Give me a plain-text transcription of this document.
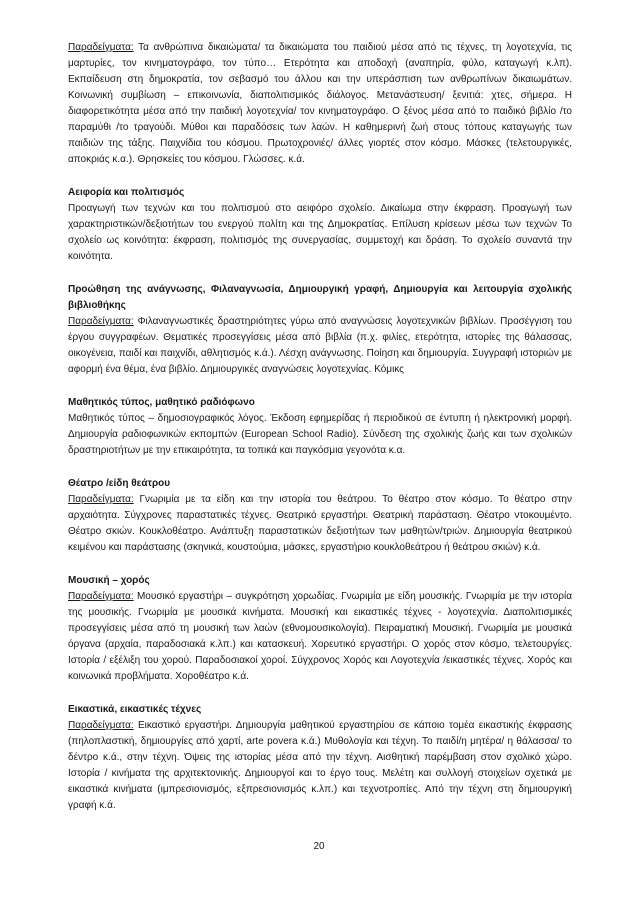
Παραδείγματα: Τα ανθρώπινα δικαιώματα/ τα δικαιώματα του παιδιού μέσα από τις τέχνες, τη λογοτεχνία, τις μαρτυρίες, τον κινηματογράφο, τον τύπο… Ετερότητα και αποδοχή (αναπηρία, φύλο, καταγωγή κ.λπ). Εκπαίδευση στη δημοκρατία, τον σεβασμό του άλλου και την υπεράσπιση των ανθρωπίνων δικαιωμάτων. Κοινωνική συμβίωση – επικοινωνία, διαπολιτισμικός διάλογος. Μετανάστευση/ ξενιτιά: χτες, σήμερα. Η διαφορετικότητα μέσα από την παιδική λογοτεχνία/ τον κινηματογράφο. Ο ξένος μέσα από το παιδικό βιβλίο /το παραμύθι /το τραγούδι. Μύθοι και παραδόσεις των λαών. Η καθημερινή ζωή στους τόπους καταγωγής των παιδιών της τάξης. Παιχνίδια του κόσμου. Πρωτοχρονιές/ άλλες γιορτές στον κόσμο. Μάσκες (τελετουργικές, αποκριάς κ.α.). Θρησκείες του κόσμου. Γλώσσες. κ.ά.

Αειφορία και πολιτισμός

Προαγωγή των τεχνών και του πολιτισμού στο αειφόρο σχολείο. Δικαίωμα στην έκφραση. Προαγωγή των χαρακτηριστικών/δεξιοτήτων του ενεργού πολίτη και της Δημοκρατίας. Επίλυση κρίσεων μέσω των τεχνών Το σχολείο ως κοινότητα: έκφραση, πολιτισμός της συνεργασίας, συμμετοχή και δράση. Το σχολείο συναντά την κοινότητα.

Προώθηση της ανάγνωσης, Φιλαναγνωσία, Δημιουργική γραφή, Δημιουργία και λειτουργία σχολικής βιβλιοθήκης

Παραδείγματα: Φιλαναγνωστικές δραστηριότητες γύρω από αναγνώσεις λογοτεχνικών βιβλίων. Προσέγγιση του έργου συγγραφέων. Θεματικές προσεγγίσεις μέσα από βιβλία (π.χ. φιλίες, ετερότητα, ιστορίες της θάλασσας, οικογένεια, παιδί και παιχνίδι, αθλητισμός κ.ά.). Λέσχη ανάγνωσης. Ποίηση και δημιουργία. Συγγραφή ιστοριών με αφορμή ένα θέμα, ένα βιβλίο. Δημιουργικές αναγνώσεις λογοτεχνίας. Κόμικς

Μαθητικός τύπος, μαθητικό ραδιόφωνο

Μαθητικός τύπος – δημοσιογραφικός λόγος. Έκδοση εφημερίδας ή περιοδικού σε έντυπη ή ηλεκτρονική μορφή. Δημιουργία ραδιοφωνικών εκπομπών (European School Radio). Σύνδεση της σχολικής ζωής και των σχολικών δραστηριοτήτων με την επικαιρότητα, τα τοπικά και παγκόσμια γεγονότα κ.α.

Θέατρο /είδη θεάτρου

Παραδείγματα: Γνωριμία με τα είδη και την ιστορία του θεάτρου. Το θέατρο στον κόσμο. Το θέατρο στην αρχαιότητα. Σύγχρονες παραστατικές τέχνες. Θεατρικό εργαστήρι. Θεατρική παράσταση. Θέατρο ντοκουμέντο. Θέατρο σκιών. Κουκλοθέατρο. Ανάπτυξη παραστατικών δεξιοτήτων των μαθητών/τριών. Δημιουργία θεατρικού κειμένου και παράστασης (σκηνικά, κουστούμια, μάσκες, εργαστήριο κουκλοθεάτρου ή θεάτρου σκιών) κ.ά.

Μουσική – χορός

Παραδείγματα: Μουσικό εργαστήρι – συγκρότηση χορωδίας. Γνωριμία με είδη μουσικής. Γνωριμία με την ιστορία της μουσικής. Γνωριμία με μουσικά κινήματα. Μουσική και εικαστικές τέχνες - λογοτεχνία. Διαπολιτισμικές προσεγγίσεις μέσα από τη μουσική των λαών (εθνομουσικολογία). Πειραματική Μουσική. Γνωριμία με μουσικά όργανα (αρχαία, παραδοσιακά κ.λπ.) και κατασκευή. Χορευτικό εργαστήρι. Ο χορός στον κόσμο, τελετουργίες. Ιστορία / εξέλιξη του χορού. Παραδοσιακοί χοροί. Σύγχρονος Χορός και Λογοτεχνία /εικαστικές τέχνες. Χορός και κοινωνικά προβλήματα. Χοροθέατρο κ.ά.

Εικαστικά, εικαστικές τέχνες

Παραδείγματα: Εικαστικό εργαστήρι. Δημιουργία μαθητικού εργαστηρίου σε κάποιο τομέα εικαστικής έκφρασης (πηλοπλαστική, δημιουργίες από χαρτί, arte povera κ.ά.) Μυθολογία και τέχνη. Το παιδί/η μητέρα/ η θάλασσα/ το δέντρο κ.ά., στην τέχνη. Όψεις της ιστορίας μέσα από την τέχνη. Αισθητική παρέμβαση στον σχολικό χώρο. Ιστορία / κινήματα της αρχιτεκτονικής. Δημιουργοί και το έργο τους. Μελέτη και συλλογή στοιχείων σχετικά με εικαστικά κινήματα (ιμπρεσιονισμός, εξπρεσιονισμός κ.λπ.) και τεχνοτροπίες. Από την τέχνη στη δημιουργική γραφή κ.ά.

20
